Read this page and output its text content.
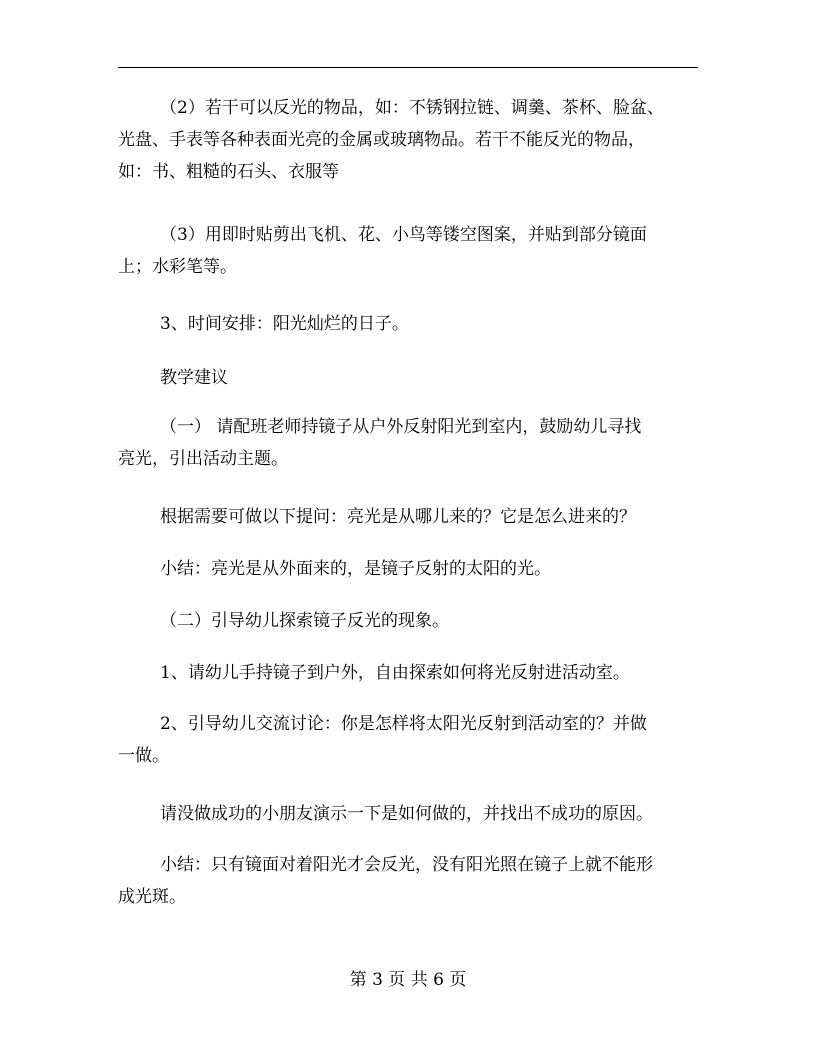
（2）若干可以反光的物品，如：不锈钢拉链、调羹、茶杯、脸盆、
光盘、手表等各种表面光亮的金属或玻璃物品。若干不能反光的物品，
如：书、粗糙的石头、衣服等

（3）用即时贴剪出飞机、花、小鸟等镂空图案，并贴到部分镜面
上；水彩笔等。

3、时间安排：阳光灿烂的日子。

教学建议

（一） 请配班老师持镜子从户外反射阳光到室内，鼓励幼儿寻找
亮光，引出活动主题。

根据需要可做以下提问：亮光是从哪儿来的？它是怎么进来的？

小结：亮光是从外面来的，是镜子反射的太阳的光。

（二）引导幼儿探索镜子反光的现象。

1、请幼儿手持镜子到户外，自由探索如何将光反射进活动室。

2、引导幼儿交流讨论：你是怎样将太阳光反射到活动室的？并做
一做。

请没做成功的小朋友演示一下是如何做的，并找出不成功的原因。

小结：只有镜面对着阳光才会反光，没有阳光照在镜子上就不能形
成光斑。

第 3 页 共 6 页
